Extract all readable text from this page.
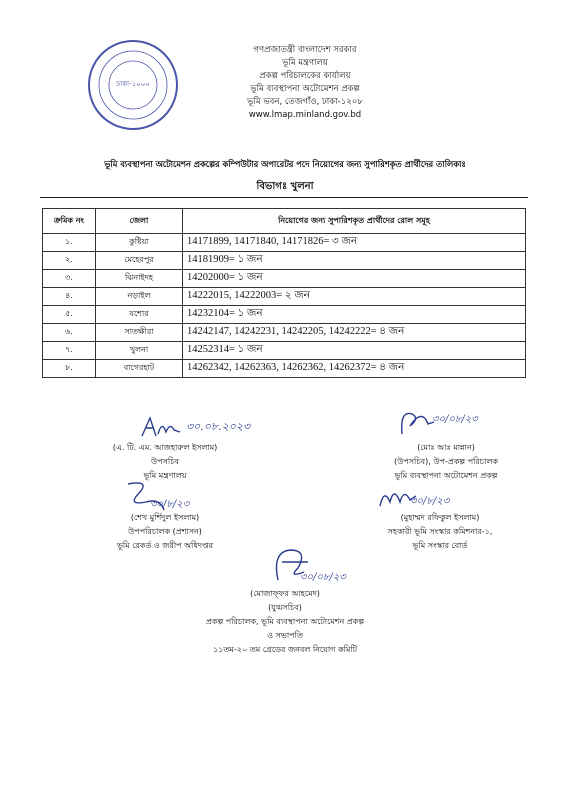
ঢাকা-১০০০
গণপ্রজাতন্ত্রী বাংলাদেশ সরকার
ভূমি মন্ত্রণালয়
প্রকল্প পরিচালকের কার্যালয়
ভূমি ব্যবস্থাপনা অটোমেশন প্রকল্প
ভূমি ভবন, তেজগাঁও, ঢাকা-১২০৮
www.lmap.minland.gov.bd
ভূমি ব্যবস্থাপনা অটোমেশন প্রকল্পের কম্পিউটার অপারেটর পদে নিয়োগের জন্য সুপারিশকৃত প্রার্থীদের তালিকাঃ
বিভাগঃ খুলনা
ক্রমিক নং	জেলা	নিয়োগের জন্য সুপারিশকৃত প্রার্থীদের রোল সমূহ
১.	কুষ্টিয়া	14171899, 14171840, 14171826= ৩ জন
২.	মেহেরপুর	14181909= ১ জন
৩.	ঝিনাইদহ	14202000= ১ জন
৪.	নড়াইল	14222015, 14222003= ২ জন
৫.	যশোর	14232104= ১ জন
৬.	সাতক্ষীরা	14242147, 14242231, 14242205, 14242222= ৪ জন
৭.	খুলনা	14252314= ১ জন
৮.	বাগেরহাট	14262342, 14262363, 14262362, 14262372= ৪ জন
৩০.০৮.২০২৩
(এ. টি. এম. আজহারুল ইসলাম)
উপসচিব
ভূমি মন্ত্রণালয়
৩০/০৮/২৩
(মোঃ আঃ মান্নান)
(উপসচিব), উপ-প্রকল্প পরিচালক
ভূমি ব্যবস্থাপনা অটোমেশন প্রকল্প
৩০/৮/২৩
(শেখ মুর্শিদুল ইসলাম)
উপপরিচালক (প্রশাসন)
ভূমি রেকর্ড ও জরীপ অধিদপ্তর
৩০/৮/২৩
(মুহাম্মদ রফিকুল ইসলাম)
সহকারী ভূমি সংস্কার কমিশনার-১,
ভূমি সংস্কার বোর্ড
৩০/০৮/২৩
(মোজাফ্ফর আহমেদ)
(যুগ্মসচিব)
প্রকল্প পরিচালক, ভূমি ব্যবস্থাপনা অটোমেশন প্রকল্প
ও সভাপতি
১১তম-২০ তম গ্রেডের জনবল নিয়োগ কমিটি
